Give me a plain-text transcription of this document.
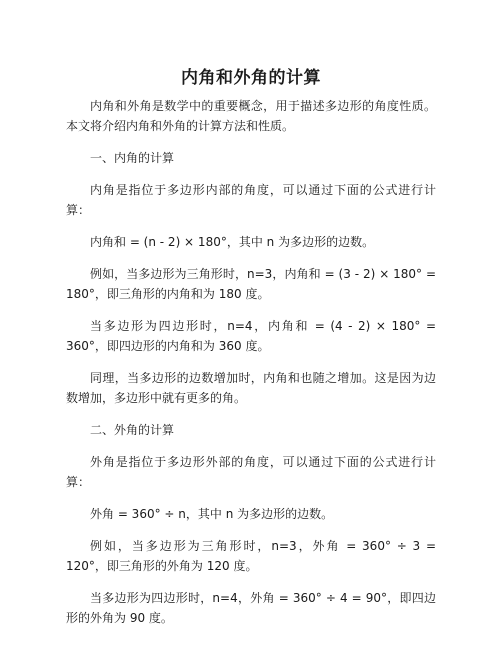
内角和外角的计算

内角和外角是数学中的重要概念，用于描述多边形的角度性质。本文将介绍内角和外角的计算方法和性质。

一、内角的计算

内角是指位于多边形内部的角度，可以通过下面的公式进行计算：

内角和 = (n - 2) × 180°，其中 n 为多边形的边数。

例如，当多边形为三角形时，n=3，内角和 = (3 - 2) × 180° = 180°，即三角形的内角和为 180 度。

当多边形为四边形时，n=4，内角和 = (4 - 2) × 180° = 360°，即四边形的内角和为 360 度。

同理，当多边形的边数增加时，内角和也随之增加。这是因为边数增加，多边形中就有更多的角。

二、外角的计算

外角是指位于多边形外部的角度，可以通过下面的公式进行计算：

外角 = 360° ÷ n，其中 n 为多边形的边数。

例如，当多边形为三角形时，n=3，外角 = 360° ÷ 3 = 120°，即三角形的外角为 120 度。

当多边形为四边形时，n=4，外角 = 360° ÷ 4 = 90°，即四边形的外角为 90 度。
